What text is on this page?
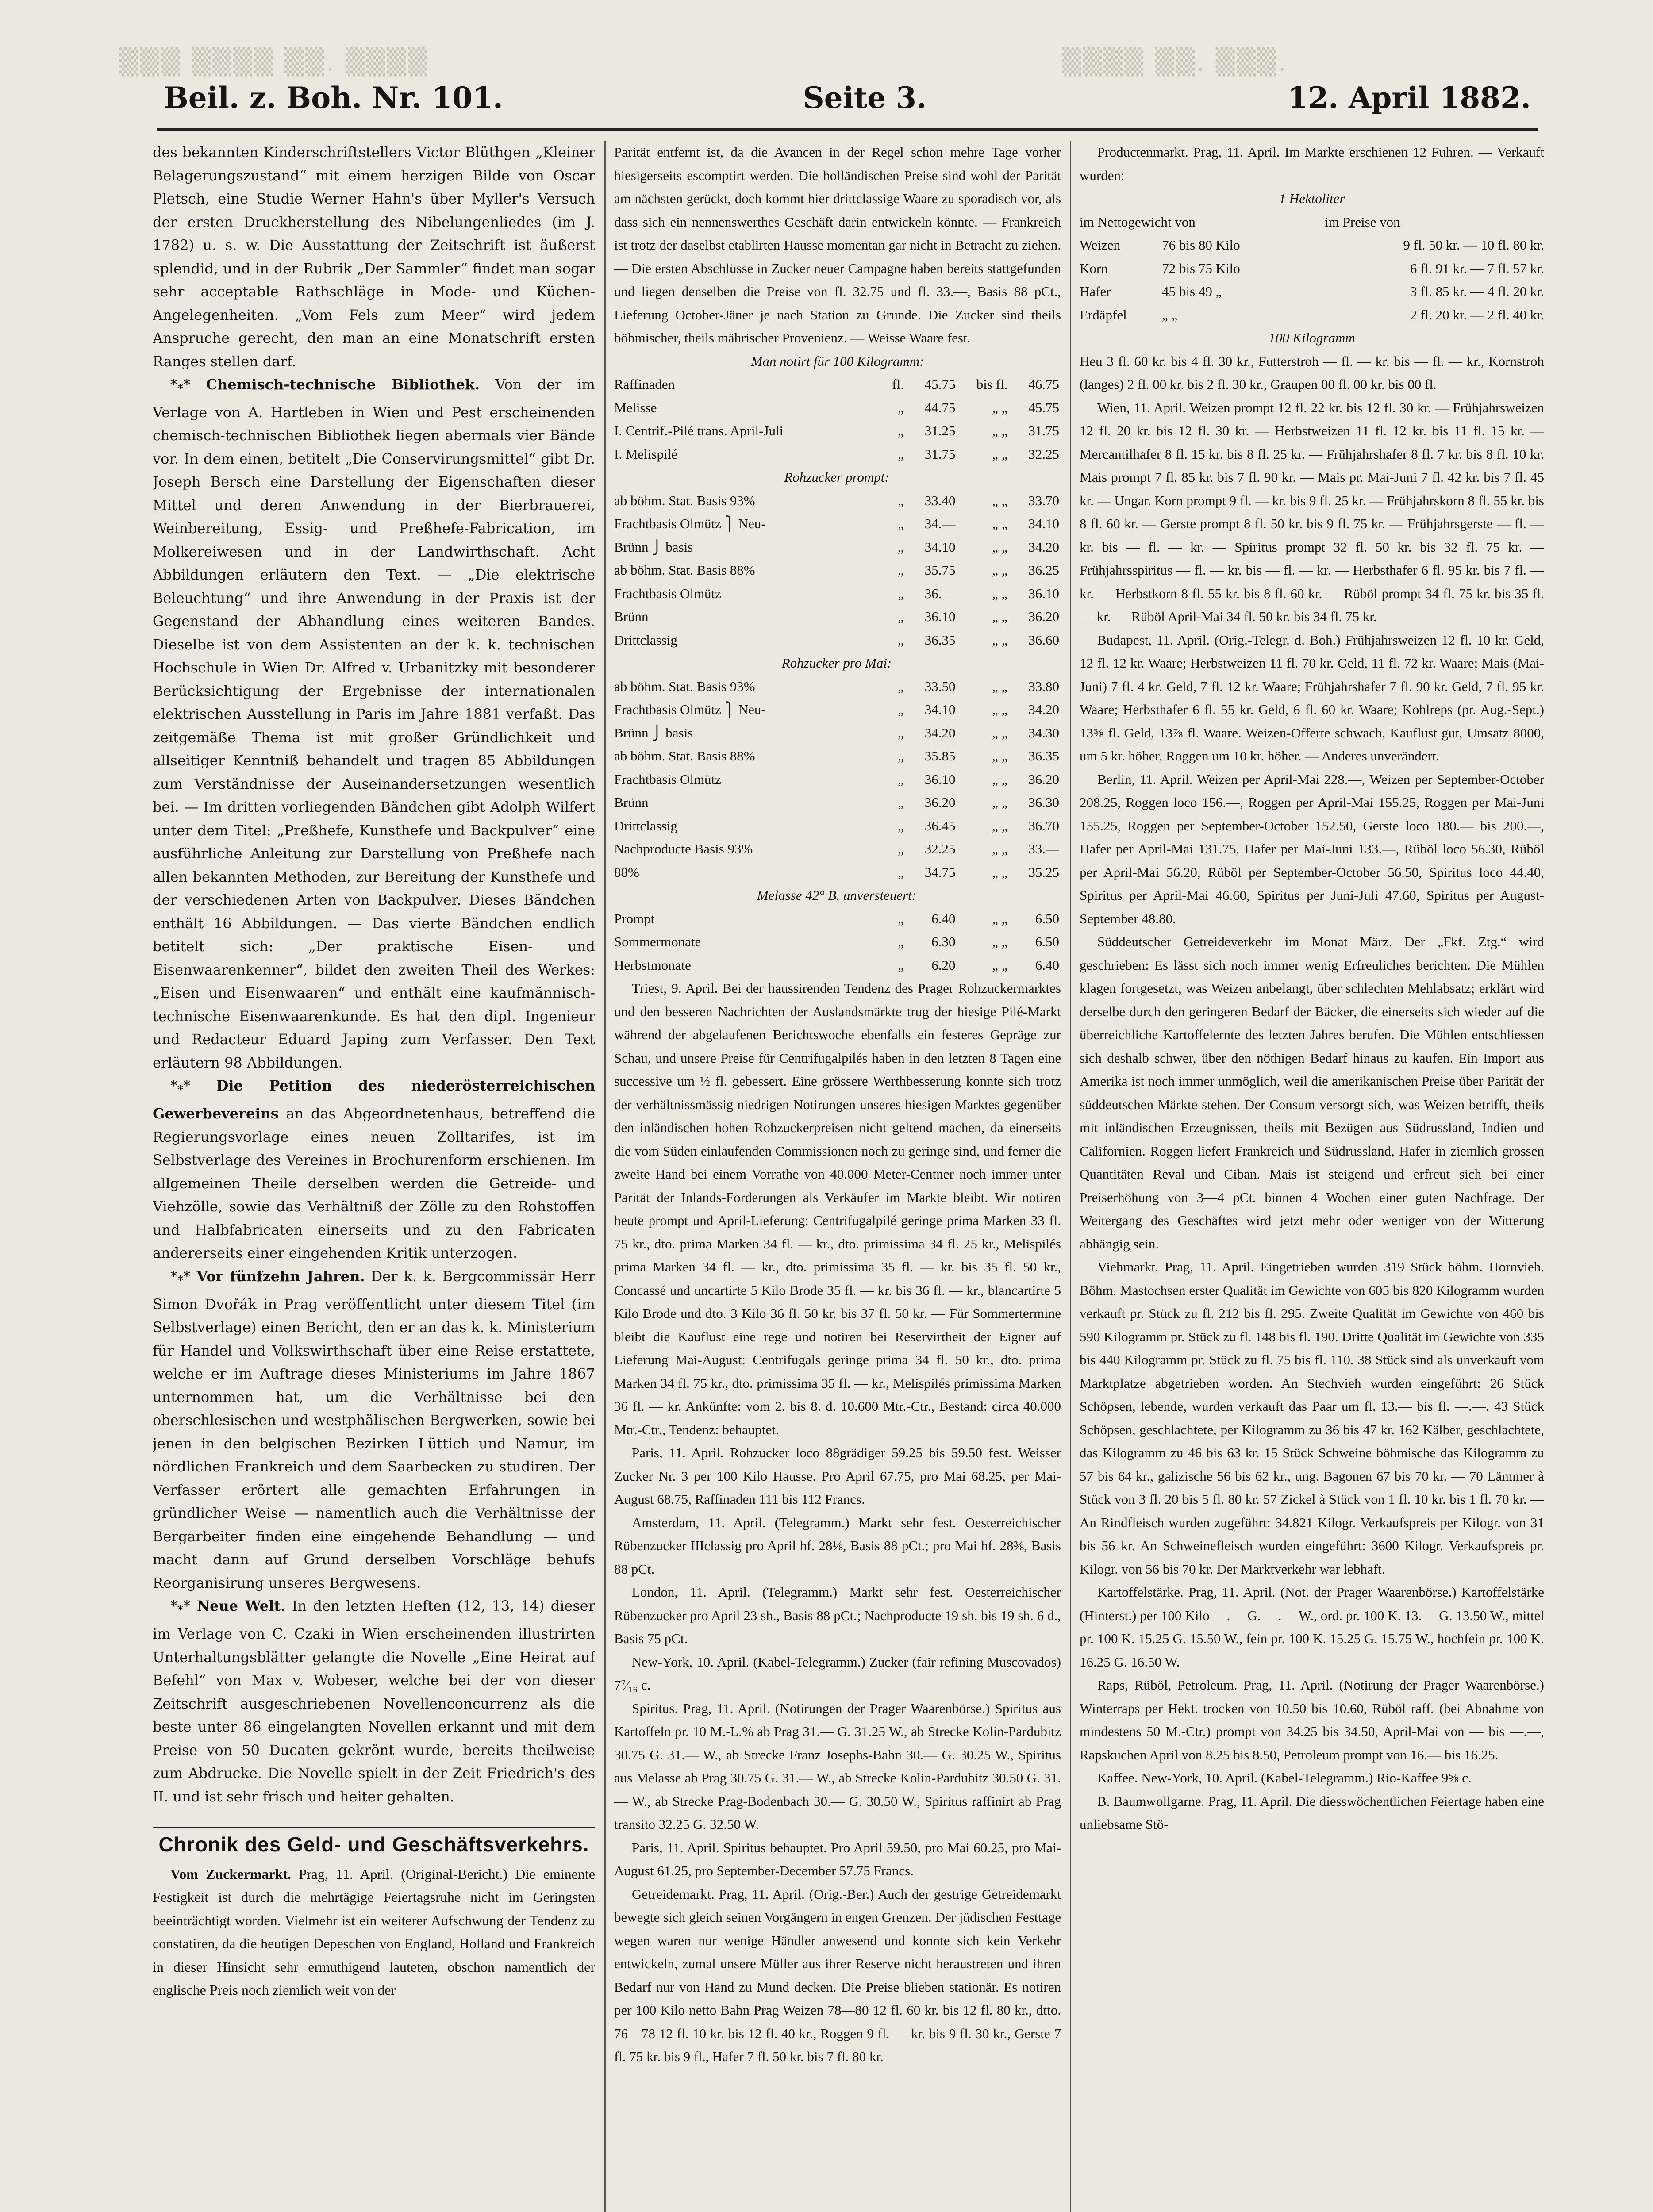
▒▒▒ ▒▒▒▒ ▒▒. ▒▒▒▒	▒▒▒▒ ▒▒. ▒▒▒.
Beil. z. Boh. Nr. 101.	Seite 3.	12. April 1882.

des bekannten Kinderschriftstellers Victor Blüthgen „Kleiner Belagerungszustand“ mit einem herzigen Bilde von Oscar Pletsch, eine Studie Werner Hahn's über Myller's Versuch der ersten Druckherstellung des Nibelungenliedes (im J. 1782) u. s. w. Die Ausstattung der Zeitschrift ist äußerst splendid, und in der Rubrik „Der Sammler“ findet man sogar sehr acceptable Rathschläge in Mode- und Küchen-Angelegenheiten. „Vom Fels zum Meer“ wird jedem Anspruche gerecht, den man an eine Monatschrift ersten Ranges stellen darf.

$*_**$ Chemisch-technische Bibliothek. Von der im Verlage von A. Hartleben in Wien und Pest erscheinenden chemisch-technischen Bibliothek liegen abermals vier Bände vor. In dem einen, betitelt „Die Conservirungsmittel“ gibt Dr. Joseph Bersch eine Darstellung der Eigenschaften dieser Mittel und deren Anwendung in der Bierbrauerei, Weinbereitung, Essig- und Preßhefe-Fabrication, im Molkereiwesen und in der Landwirthschaft. Acht Abbildungen erläutern den Text. — „Die elektrische Beleuchtung“ und ihre Anwendung in der Praxis ist der Gegenstand der Abhandlung eines weiteren Bandes. Dieselbe ist von dem Assistenten an der k. k. technischen Hochschule in Wien Dr. Alfred v. Urbanitzky mit besonderer Berücksichtigung der Ergebnisse der internationalen elektrischen Ausstellung in Paris im Jahre 1881 verfaßt. Das zeitgemäße Thema ist mit großer Gründlichkeit und allseitiger Kenntniß behandelt und tragen 85 Abbildungen zum Verständnisse der Auseinandersetzungen wesentlich bei. — Im dritten vorliegenden Bändchen gibt Adolph Wilfert unter dem Titel: „Preßhefe, Kunsthefe und Backpulver“ eine ausführliche Anleitung zur Darstellung von Preßhefe nach allen bekannten Methoden, zur Bereitung der Kunsthefe und der verschiedenen Arten von Backpulver. Dieses Bändchen enthält 16 Abbildungen. — Das vierte Bändchen endlich betitelt sich: „Der praktische Eisen- und Eisenwaarenkenner“, bildet den zweiten Theil des Werkes: „Eisen und Eisenwaaren“ und enthält eine kaufmännisch-technische Eisenwaarenkunde. Es hat den dipl. Ingenieur und Redacteur Eduard Japing zum Verfasser. Den Text erläutern 98 Abbildungen.

$*_**$ Die Petition des niederösterreichischen Gewerbevereins an das Abgeordnetenhaus, betreffend die Regierungsvorlage eines neuen Zolltarifes, ist im Selbstverlage des Vereines in Brochurenform erschienen. Im allgemeinen Theile derselben werden die Getreide- und Viehzölle, sowie das Verhältniß der Zölle zu den Rohstoffen und Halbfabricaten einerseits und zu den Fabricaten andererseits einer eingehenden Kritik unterzogen.

$*_**$ Vor fünfzehn Jahren. Der k. k. Bergcommissär Herr Simon Dvořák in Prag veröffentlicht unter diesem Titel (im Selbstverlage) einen Bericht, den er an das k. k. Ministerium für Handel und Volkswirthschaft über eine Reise erstattete, welche er im Auftrage dieses Ministeriums im Jahre 1867 unternommen hat, um die Verhältnisse bei den oberschlesischen und westphälischen Bergwerken, sowie bei jenen in den belgischen Bezirken Lüttich und Namur, im nördlichen Frankreich und dem Saarbecken zu studiren. Der Verfasser erörtert alle gemachten Erfahrungen in gründlicher Weise — namentlich auch die Verhältnisse der Bergarbeiter finden eine eingehende Behandlung — und macht dann auf Grund derselben Vorschläge behufs Reorganisirung unseres Bergwesens.

$*_**$ Neue Welt. In den letzten Heften (12, 13, 14) dieser im Verlage von C. Czaki in Wien erscheinenden illustrirten Unterhaltungsblätter gelangte die Novelle „Eine Heirat auf Befehl“ von Max v. Wobeser, welche bei der von dieser Zeitschrift ausgeschriebenen Novellenconcurrenz als die beste unter 86 eingelangten Novellen erkannt und mit dem Preise von 50 Ducaten gekrönt wurde, bereits theilweise zum Abdrucke. Die Novelle spielt in der Zeit Friedrich's des II. und ist sehr frisch und heiter gehalten.

Chronik des Geld- und Geschäftsverkehrs.

Vom Zuckermarkt. Prag, 11. April. (Original-Bericht.) Die eminente Festigkeit ist durch die mehrtägige Feiertagsruhe nicht im Geringsten beeinträchtigt worden. Vielmehr ist ein weiterer Aufschwung der Tendenz zu constatiren, da die heutigen Depeschen von England, Holland und Frankreich in dieser Hinsicht sehr ermuthigend lauteten, obschon namentlich der englische Preis noch ziemlich weit von der

Parität entfernt ist, da die Avancen in der Regel schon mehre Tage vorher hiesigerseits escomptirt werden. Die holländischen Preise sind wohl der Parität am nächsten gerückt, doch kommt hier drittclassige Waare zu sporadisch vor, als dass sich ein nennenswerthes Geschäft darin entwickeln könnte. — Frankreich ist trotz der daselbst etablirten Hausse momentan gar nicht in Betracht zu ziehen. — Die ersten Abschlüsse in Zucker neuer Campagne haben bereits stattgefunden und liegen denselben die Preise von fl. 32.75 und fl. 33.—, Basis 88 pCt., Lieferung October-Jäner je nach Station zu Grunde. Die Zucker sind theils böhmischer, theils mährischer Provenienz. — Weisse Waare fest.

Man notirt für 100 Kilogramm:
Raffinaden	fl.	45.75	bis fl.	46.75
Melisse	„	44.75	„ „	45.75
I. Centrif.-Pilé trans. April-Juli	„	31.25	„ „	31.75
I. Melispilé	„	31.75	„ „	32.25
Rohzucker prompt:				
ab böhm. Stat. Basis 93%	„	33.40	„ „	33.70
Frachtbasis Olmütz ⎫ Neu-	„	34.—	„ „	34.10
Brünn ⎭ basis	„	34.10	„ „	34.20
ab böhm. Stat. Basis 88%	„	35.75	„ „	36.25
Frachtbasis Olmütz	„	36.—	„ „	36.10
Brünn	„	36.10	„ „	36.20
Drittclassig	„	36.35	„ „	36.60
Rohzucker pro Mai:				
ab böhm. Stat. Basis 93%	„	33.50	„ „	33.80
Frachtbasis Olmütz ⎫ Neu-	„	34.10	„ „	34.20
Brünn ⎭ basis	„	34.20	„ „	34.30
ab böhm. Stat. Basis 88%	„	35.85	„ „	36.35
Frachtbasis Olmütz	„	36.10	„ „	36.20
Brünn	„	36.20	„ „	36.30
Drittclassig	„	36.45	„ „	36.70
Nachproducte Basis 93%	„	32.25	„ „	33.—
88%	„	34.75	„ „	35.25
Melasse 42° B. unversteuert:				
Prompt	„	6.40	„ „	6.50
Sommermonate	„	6.30	„ „	6.50
Herbstmonate	„	6.20	„ „	6.40

Triest, 9. April. Bei der haussirenden Tendenz des Prager Rohzuckermarktes und den besseren Nachrichten der Auslandsmärkte trug der hiesige Pilé-Markt während der abgelaufenen Berichtswoche ebenfalls ein festeres Gepräge zur Schau, und unsere Preise für Centrifugalpilés haben in den letzten 8 Tagen eine successive um ½ fl. gebessert. Eine grössere Werthbesserung konnte sich trotz der verhältnissmässig niedrigen Notirungen unseres hiesigen Marktes gegenüber den inländischen hohen Rohzuckerpreisen nicht geltend machen, da einerseits die vom Süden einlaufenden Commissionen noch zu geringe sind, und ferner die zweite Hand bei einem Vorrathe von 40.000 Meter-Centner noch immer unter Parität der Inlands-Forderungen als Verkäufer im Markte bleibt. Wir notiren heute prompt und April-Lieferung: Centrifugalpilé geringe prima Marken 33 fl. 75 kr., dto. prima Marken 34 fl. — kr., dto. primissima 34 fl. 25 kr., Melispilés prima Marken 34 fl. — kr., dto. primissima 35 fl. — kr. bis 35 fl. 50 kr., Concassé und uncartirte 5 Kilo Brode 35 fl. — kr. bis 36 fl. — kr., blancartirte 5 Kilo Brode und dto. 3 Kilo 36 fl. 50 kr. bis 37 fl. 50 kr. — Für Sommertermine bleibt die Kauflust eine rege und notiren bei Reservirtheit der Eigner auf Lieferung Mai-August: Centrifugals geringe prima 34 fl. 50 kr., dto. prima Marken 34 fl. 75 kr., dto. primissima 35 fl. — kr., Melispilés primissima Marken 36 fl. — kr. Ankünfte: vom 2. bis 8. d. 10.600 Mtr.-Ctr., Bestand: circa 40.000 Mtr.-Ctr., Tendenz: behauptet.

Paris, 11. April. Rohzucker loco 88grädiger 59.25 bis 59.50 fest. Weisser Zucker Nr. 3 per 100 Kilo Hausse. Pro April 67.75, pro Mai 68.25, per Mai-August 68.75, Raffinaden 111 bis 112 Francs.

Amsterdam, 11. April. (Telegramm.) Markt sehr fest. Oesterreichischer Rübenzucker IIIclassig pro April hf. 28⅛, Basis 88 pCt.; pro Mai hf. 28⅜, Basis 88 pCt.

London, 11. April. (Telegramm.) Markt sehr fest. Oesterreichischer Rübenzucker pro April 23 sh., Basis 88 pCt.; Nachproducte 19 sh. bis 19 sh. 6 d., Basis 75 pCt.

New-York, 10. April. (Kabel-Telegramm.) Zucker (fair refining Muscovados) 7⁷⁄₁₆ c.

Spiritus. Prag, 11. April. (Notirungen der Prager Waarenbörse.) Spiritus aus Kartoffeln pr. 10 M.-L.% ab Prag 31.— G. 31.25 W., ab Strecke Kolin-Pardubitz 30.75 G. 31.— W., ab Strecke Franz Josephs-Bahn 30.— G. 30.25 W., Spiritus aus Melasse ab Prag 30.75 G. 31.— W., ab Strecke Kolin-Pardubitz 30.50 G. 31.— W., ab Strecke Prag-Bodenbach 30.— G. 30.50 W., Spiritus raffinirt ab Prag transito 32.25 G. 32.50 W.

Paris, 11. April. Spiritus behauptet. Pro April 59.50, pro Mai 60.25, pro Mai-August 61.25, pro September-December 57.75 Francs.

Getreidemarkt. Prag, 11. April. (Orig.-Ber.) Auch der gestrige Getreidemarkt bewegte sich gleich seinen Vorgängern in engen Grenzen. Der jüdischen Festtage wegen waren nur wenige Händler anwesend und konnte sich kein Verkehr entwickeln, zumal unsere Müller aus ihrer Reserve nicht heraustreten und ihren Bedarf nur von Hand zu Mund decken. Die Preise blieben stationär. Es notiren per 100 Kilo netto Bahn Prag Weizen 78—80 12 fl. 60 kr. bis 12 fl. 80 kr., dtto. 76—78 12 fl. 10 kr. bis 12 fl. 40 kr., Roggen 9 fl. — kr. bis 9 fl. 30 kr., Gerste 7 fl. 75 kr. bis 9 fl., Hafer 7 fl. 50 kr. bis 7 fl. 80 kr.

Productenmarkt. Prag, 11. April. Im Markte erschienen 12 Fuhren. — Verkauft wurden:

1 Hektoliter
im Nettogewicht von		im Preise von
Weizen	76 bis 80 Kilo	9 fl. 50 kr. — 10 fl. 80 kr.
Korn	72 bis 75 Kilo	6 fl. 91 kr. — 7 fl. 57 kr.
Hafer	45 bis 49 „	3 fl. 85 kr. — 4 fl. 20 kr.
Erdäpfel	„ „	2 fl. 20 kr. — 2 fl. 40 kr.
100 Kilogramm

Heu 3 fl. 60 kr. bis 4 fl. 30 kr., Futterstroh — fl. — kr. bis — fl. — kr., Kornstroh (langes) 2 fl. 00 kr. bis 2 fl. 30 kr., Graupen 00 fl. 00 kr. bis 00 fl.

Wien, 11. April. Weizen prompt 12 fl. 22 kr. bis 12 fl. 30 kr. — Frühjahrsweizen 12 fl. 20 kr. bis 12 fl. 30 kr. — Herbstweizen 11 fl. 12 kr. bis 11 fl. 15 kr. — Mercantilhafer 8 fl. 15 kr. bis 8 fl. 25 kr. — Frühjahrshafer 8 fl. 7 kr. bis 8 fl. 10 kr. Mais prompt 7 fl. 85 kr. bis 7 fl. 90 kr. — Mais pr. Mai-Juni 7 fl. 42 kr. bis 7 fl. 45 kr. — Ungar. Korn prompt 9 fl. — kr. bis 9 fl. 25 kr. — Frühjahrskorn 8 fl. 55 kr. bis 8 fl. 60 kr. — Gerste prompt 8 fl. 50 kr. bis 9 fl. 75 kr. — Frühjahrsgerste — fl. — kr. bis — fl. — kr. — Spiritus prompt 32 fl. 50 kr. bis 32 fl. 75 kr. — Frühjahrsspiritus — fl. — kr. bis — fl. — kr. — Herbsthafer 6 fl. 95 kr. bis 7 fl. — kr. — Herbstkorn 8 fl. 55 kr. bis 8 fl. 60 kr. — Rüböl prompt 34 fl. 75 kr. bis 35 fl. — kr. — Rüböl April-Mai 34 fl. 50 kr. bis 34 fl. 75 kr.

Budapest, 11. April. (Orig.-Telegr. d. Boh.) Frühjahrsweizen 12 fl. 10 kr. Geld, 12 fl. 12 kr. Waare; Herbstweizen 11 fl. 70 kr. Geld, 11 fl. 72 kr. Waare; Mais (Mai-Juni) 7 fl. 4 kr. Geld, 7 fl. 12 kr. Waare; Frühjahrshafer 7 fl. 90 kr. Geld, 7 fl. 95 kr. Waare; Herbsthafer 6 fl. 55 kr. Geld, 6 fl. 60 kr. Waare; Kohlreps (pr. Aug.-Sept.) 13⅝ fl. Geld, 13⅞ fl. Waare. Weizen-Offerte schwach, Kauflust gut, Umsatz 8000, um 5 kr. höher, Roggen um 10 kr. höher. — Anderes unverändert.

Berlin, 11. April. Weizen per April-Mai 228.—, Weizen per September-October 208.25, Roggen loco 156.—, Roggen per April-Mai 155.25, Roggen per Mai-Juni 155.25, Roggen per September-October 152.50, Gerste loco 180.— bis 200.—, Hafer per April-Mai 131.75, Hafer per Mai-Juni 133.—, Rüböl loco 56.30, Rüböl per April-Mai 56.20, Rüböl per September-October 56.50, Spiritus loco 44.40, Spiritus per April-Mai 46.60, Spiritus per Juni-Juli 47.60, Spiritus per August-September 48.80.

Süddeutscher Getreideverkehr im Monat März. Der „Fkf. Ztg.“ wird geschrieben: Es lässt sich noch immer wenig Erfreuliches berichten. Die Mühlen klagen fortgesetzt, was Weizen anbelangt, über schlechten Mehlabsatz; erklärt wird derselbe durch den geringeren Bedarf der Bäcker, die einerseits sich wieder auf die überreichliche Kartoffelernte des letzten Jahres berufen. Die Mühlen entschliessen sich deshalb schwer, über den nöthigen Bedarf hinaus zu kaufen. Ein Import aus Amerika ist noch immer unmöglich, weil die amerikanischen Preise über Parität der süddeutschen Märkte stehen. Der Consum versorgt sich, was Weizen betrifft, theils mit inländischen Erzeugnissen, theils mit Bezügen aus Südrussland, Indien und Californien. Roggen liefert Frankreich und Südrussland, Hafer in ziemlich grossen Quantitäten Reval und Ciban. Mais ist steigend und erfreut sich bei einer Preiserhöhung von 3—4 pCt. binnen 4 Wochen einer guten Nachfrage. Der Weitergang des Geschäftes wird jetzt mehr oder weniger von der Witterung abhängig sein.

Viehmarkt. Prag, 11. April. Eingetrieben wurden 319 Stück böhm. Hornvieh. Böhm. Mastochsen erster Qualität im Gewichte von 605 bis 820 Kilogramm wurden verkauft pr. Stück zu fl. 212 bis fl. 295. Zweite Qualität im Gewichte von 460 bis 590 Kilogramm pr. Stück zu fl. 148 bis fl. 190. Dritte Qualität im Gewichte von 335 bis 440 Kilogramm pr. Stück zu fl. 75 bis fl. 110. 38 Stück sind als unverkauft vom Marktplatze abgetrieben worden. An Stechvieh wurden eingeführt: 26 Stück Schöpsen, lebende, wurden verkauft das Paar um fl. 13.— bis fl. —.—. 43 Stück Schöpsen, geschlachtete, per Kilogramm zu 36 bis 47 kr. 162 Kälber, geschlachtete, das Kilogramm zu 46 bis 63 kr. 15 Stück Schweine böhmische das Kilogramm zu 57 bis 64 kr., galizische 56 bis 62 kr., ung. Bagonen 67 bis 70 kr. — 70 Lämmer à Stück von 3 fl. 20 bis 5 fl. 80 kr. 57 Zickel à Stück von 1 fl. 10 kr. bis 1 fl. 70 kr. — An Rindfleisch wurden zugeführt: 34.821 Kilogr. Verkaufspreis per Kilogr. von 31 bis 56 kr. An Schweinefleisch wurden eingeführt: 3600 Kilogr. Verkaufspreis pr. Kilogr. von 56 bis 70 kr. Der Marktverkehr war lebhaft.

Kartoffelstärke. Prag, 11. April. (Not. der Prager Waarenbörse.) Kartoffelstärke (Hinterst.) per 100 Kilo —.— G. —.— W., ord. pr. 100 K. 13.— G. 13.50 W., mittel pr. 100 K. 15.25 G. 15.50 W., fein pr. 100 K. 15.25 G. 15.75 W., hochfein pr. 100 K. 16.25 G. 16.50 W.

Raps, Rüböl, Petroleum. Prag, 11. April. (Notirung der Prager Waarenbörse.) Winterraps per Hekt. trocken von 10.50 bis 10.60, Rüböl raff. (bei Abnahme von mindestens 50 M.-Ctr.) prompt von 34.25 bis 34.50, April-Mai von — bis —.—, Rapskuchen April von 8.25 bis 8.50, Petroleum prompt von 16.— bis 16.25.

Kaffee. New-York, 10. April. (Kabel-Telegramm.) Rio-Kaffee 9⅝ c.

B. Baumwollgarne. Prag, 11. April. Die diesswöchentlichen Feiertage haben eine unliebsame Stö-
